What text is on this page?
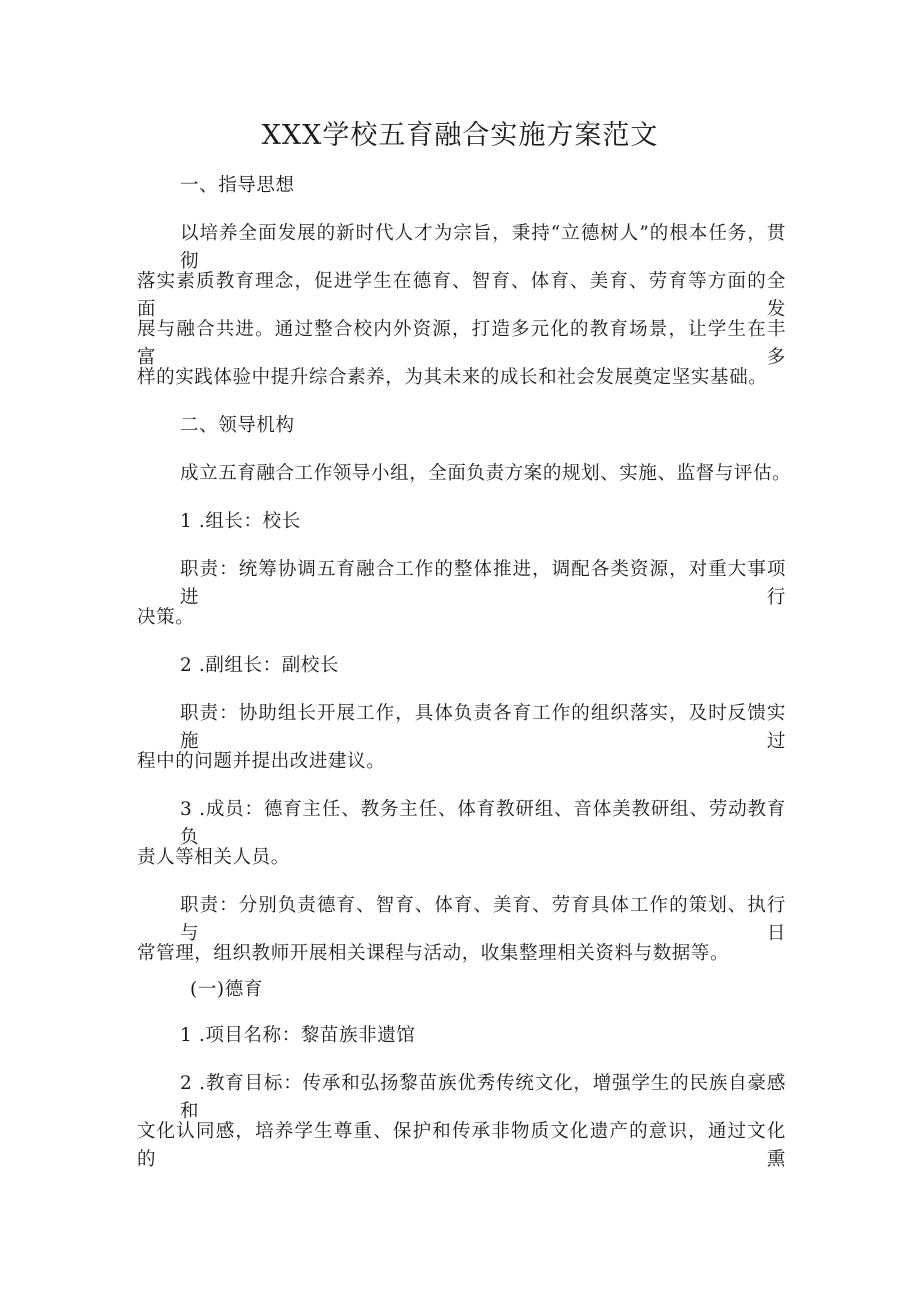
XXX学校五育融合实施方案范文
一、指导思想
以培养全面发展的新时代人才为宗旨，秉持“立德树人”的根本任务，贯彻
落实素质教育理念，促进学生在德育、智育、体育、美育、劳育等方面的全面发
展与融合共进。通过整合校内外资源，打造多元化的教育场景，让学生在丰富多
样的实践体验中提升综合素养，为其未来的成长和社会发展奠定坚实基础。
二、领导机构
成立五育融合工作领导小组，全面负责方案的规划、实施、监督与评估。
1 .组长：校长
职责：统筹协调五育融合工作的整体推进，调配各类资源，对重大事项进行
决策。
2 .副组长：副校长
职责：协助组长开展工作，具体负责各育工作的组织落实，及时反馈实施过
程中的问题并提出改进建议。
3 .成员：德育主任、教务主任、体育教研组、音体美教研组、劳动教育负
责人等相关人员。
职责：分别负责德育、智育、体育、美育、劳育具体工作的策划、执行与日
常管理，组织教师开展相关课程与活动，收集整理相关资料与数据等。
(一)德育
1 .项目名称：黎苗族非遗馆
2 .教育目标：传承和弘扬黎苗族优秀传统文化，增强学生的民族自豪感和
文化认同感，培养学生尊重、保护和传承非物质文化遗产的意识，通过文化的熏
